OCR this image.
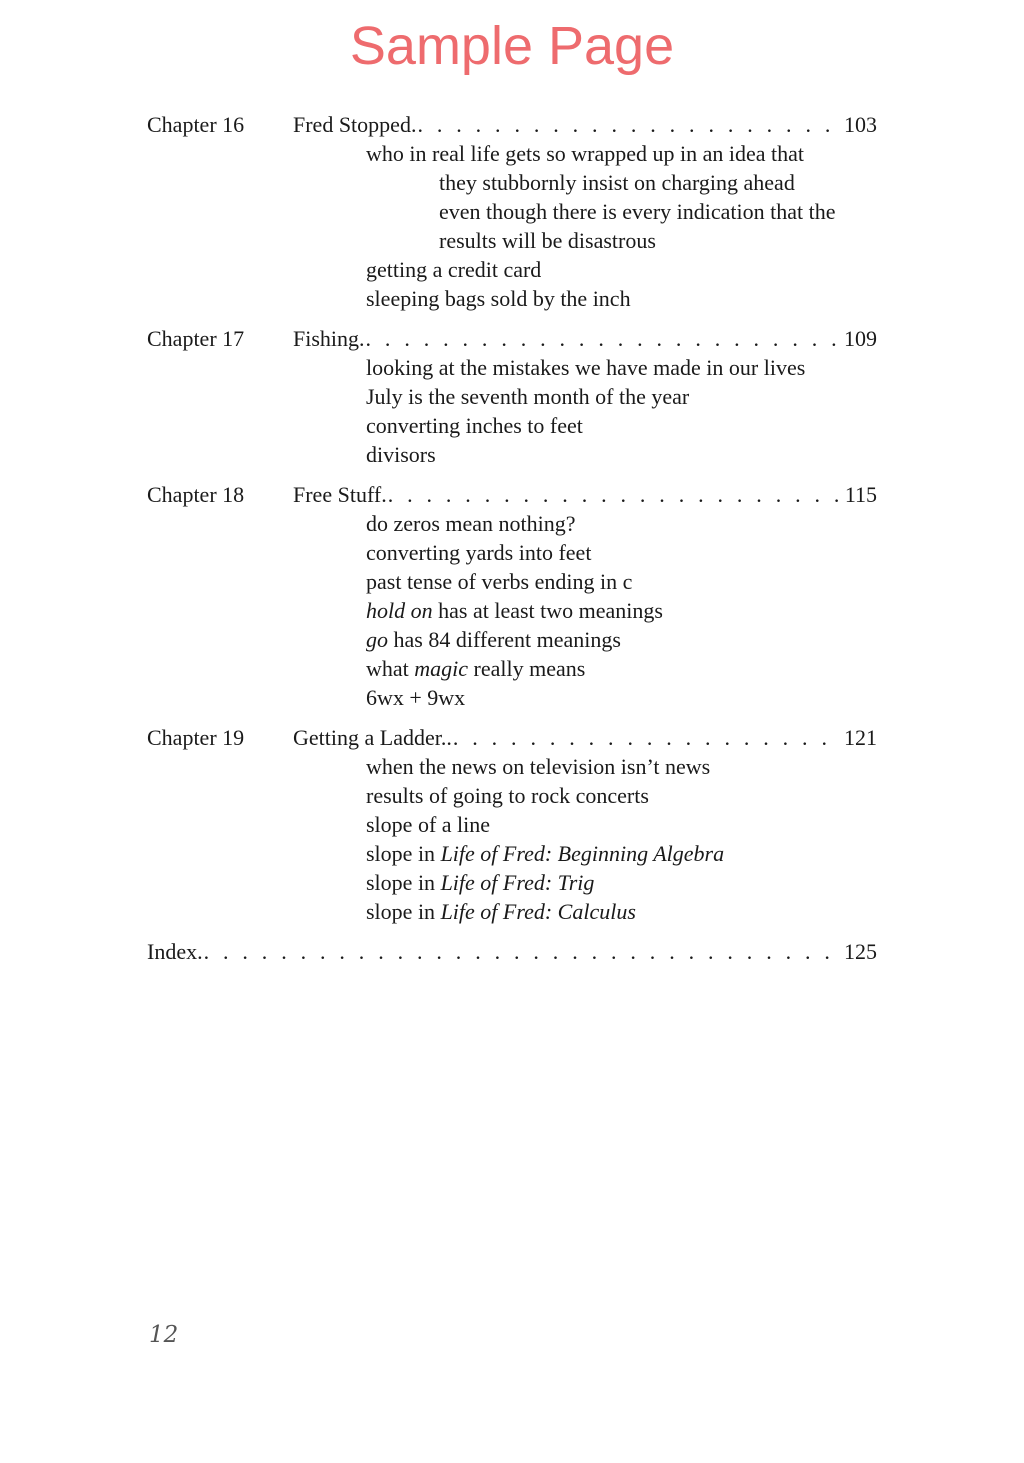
Sample Page
Chapter 16	Fred Stopped. . . .	103
who in real life gets so wrapped up in an idea that
they stubbornly insist on charging ahead
even though there is every indication that the
results will be disastrous
getting a credit card
sleeping bags sold by the inch
Chapter 17	Fishing. . . .	109
looking at the mistakes we have made in our lives
July is the seventh month of the year
converting inches to feet
divisors
Chapter 18	Free Stuff. . . .	115
do zeros mean nothing?
converting yards into feet
past tense of verbs ending in c
hold on has at least two meanings
go has 84 different meanings
what magic really means
6wx + 9wx
Chapter 19	Getting a Ladder.. . . .	121
when the news on television isn’t news
results of going to rock concerts
slope of a line
slope in Life of Fred: Beginning Algebra
slope in Life of Fred: Trig
slope in Life of Fred: Calculus
Index. . . .	125
12
